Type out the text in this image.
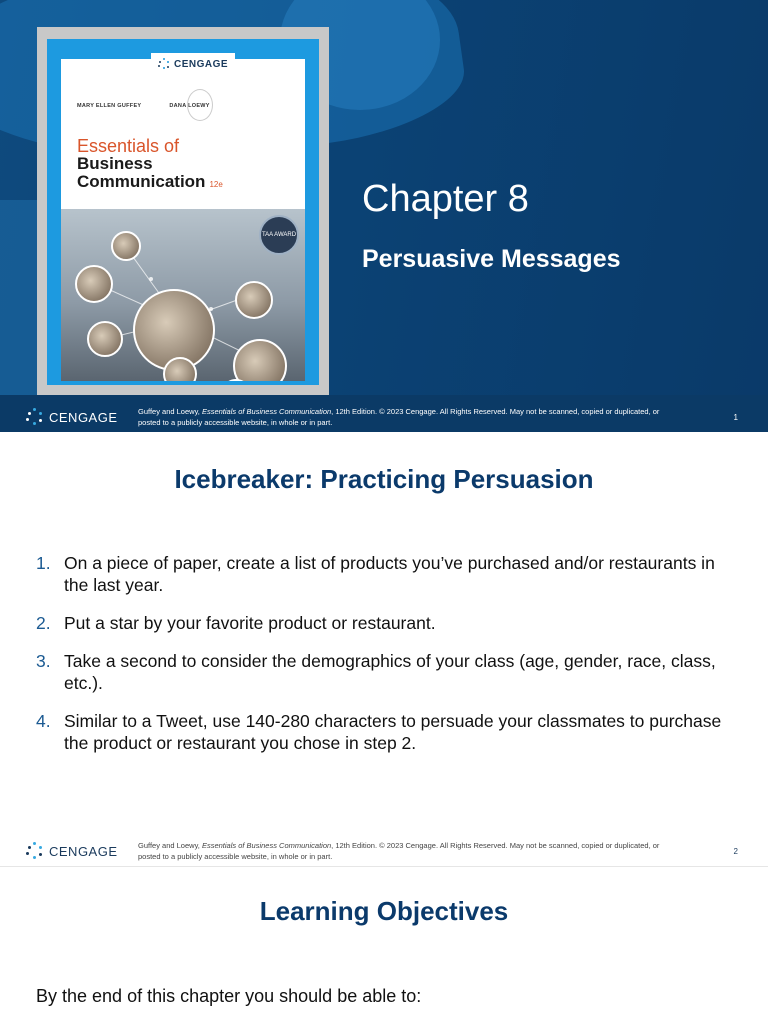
CENGAGE
MARY ELLEN GUFFEY	DANA LOEWY
Essentials of
Business
Communication 12e
TAA AWARD
Chapter 8
Persuasive Messages
CENGAGE	Guffey and Loewy, Essentials of Business Communication, 12th Edition. © 2023 Cengage. All Rights Reserved. May not be scanned, copied or duplicated, or
posted to a publicly accessible website, in whole or in part.
1
Icebreaker: Practicing Persuasion
1. On a piece of paper, create a list of products you’ve purchased and/or restaurants in the last year.
2. Put a star by your favorite product or restaurant.
3. Take a second to consider the demographics of your class (age, gender, race, class, etc.).
4. Similar to a Tweet, use 140-280 characters to persuade your classmates to purchase the product or restaurant you chose in step 2.
CENGAGE	Guffey and Loewy, Essentials of Business Communication, 12th Edition. © 2023 Cengage. All Rights Reserved. May not be scanned, copied or duplicated, or
posted to a publicly accessible website, in whole or in part.
2
Learning Objectives
By the end of this chapter you should be able to:
